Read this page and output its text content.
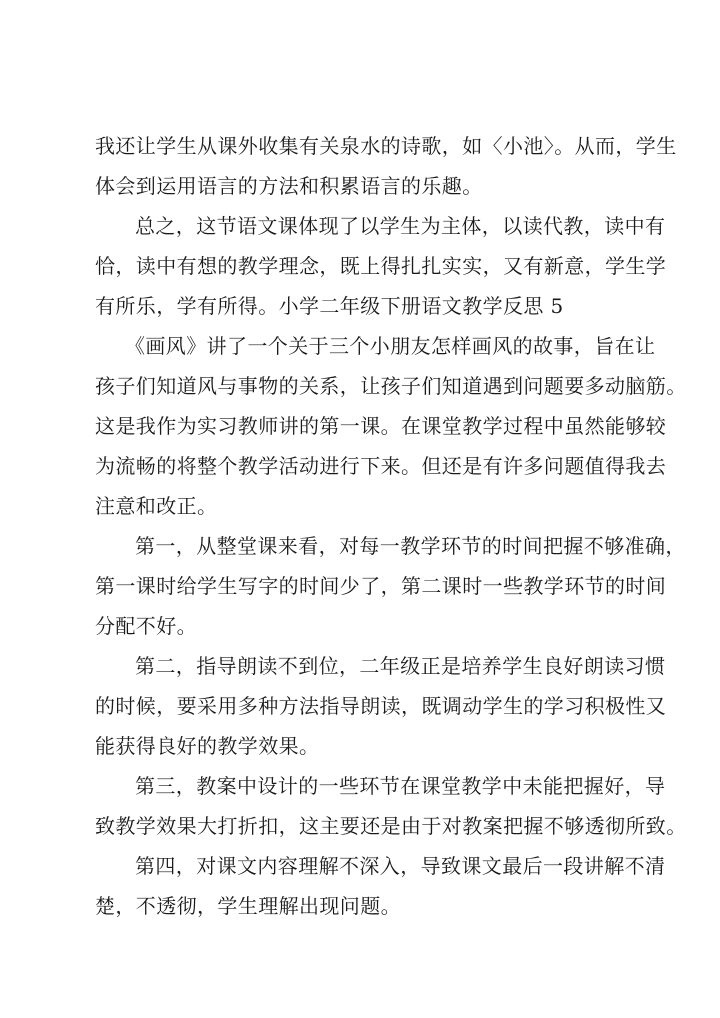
我还让学生从课外收集有关泉水的诗歌，如〈小池〉。从而，学生
体会到运用语言的方法和积累语言的乐趣。
总之，这节语文课体现了以学生为主体，以读代教，读中有
恰，读中有想的教学理念，既上得扎扎实实，又有新意，学生学
有所乐，学有所得。小学二年级下册语文教学反思 5
《画风》讲了一个关于三个小朋友怎样画风的故事，旨在让
孩子们知道风与事物的关系，让孩子们知道遇到问题要多动脑筋。
这是我作为实习教师讲的第一课。在课堂教学过程中虽然能够较
为流畅的将整个教学活动进行下来。但还是有许多问题值得我去
注意和改正。
第一，从整堂课来看，对每一教学环节的时间把握不够准确，
第一课时给学生写字的时间少了，第二课时一些教学环节的时间
分配不好。
第二，指导朗读不到位，二年级正是培养学生良好朗读习惯
的时候，要采用多种方法指导朗读，既调动学生的学习积极性又
能获得良好的教学效果。
第三，教案中设计的一些环节在课堂教学中未能把握好，导
致教学效果大打折扣，这主要还是由于对教案把握不够透彻所致。
第四，对课文内容理解不深入，导致课文最后一段讲解不清
楚，不透彻，学生理解出现问题。
